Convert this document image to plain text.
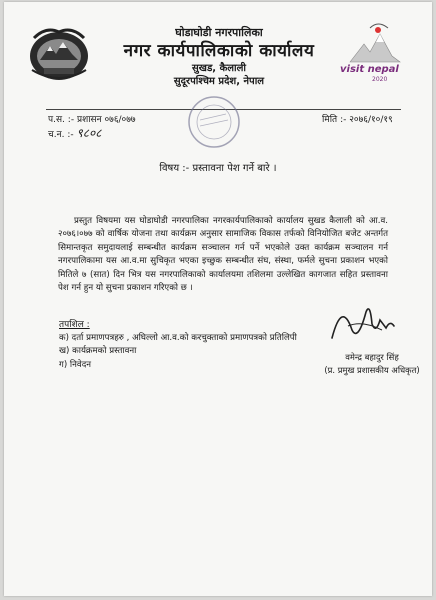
घोडाघोडी नगरपालिका
नगर कार्यपालिकाको कार्यालय
सुखड, कैलाली
सुदूरपश्चिम प्रदेश, नेपाल
visit nepal
2020
प.स. :- प्रशासन ०७६/०७७
च.न. :- ९८०८
मिति :- २०७६/१०/१९
विषय :- प्रस्तावना पेश गर्ने बारे ।

प्रस्तुत विषयमा यस घोडाघोडी नगरपालिका नगरकार्यपालिकाको कार्यालय सुखड कैलाली को आ.व. २०७६।०७७ को वार्षिक योजना तथा कार्यक्रम अनुसार सामाजिक विकास तर्फको विनियोजित बजेट अन्तर्गत सिमान्तकृत समुदायलाई सम्बन्धीत कार्यक्रम सञ्चालन गर्न पर्ने भएकोले उक्त कार्यक्रम सञ्चालन गर्न नगरपालिकामा यस आ.व.मा सुचिकृत भएका इच्छुक सम्बन्धीत संघ, संस्था, फर्मले सुचना प्रकाशन भएको मितिले ७ (सात) दिन भित्र यस नगरपालिकाको कार्यालयमा तशिलमा उल्लेखित कागजात सहित प्रस्तावना पेश गर्न हुन यो सुचना प्रकाशन गरिएको छ ।

तपशिल :
क) दर्ता प्रमाणपत्रहरु , अघिल्लो आ.व.को करचुक्ताको प्रमाणपत्रको प्रतिलिपी
ख) कार्यक्रमको प्रस्तावना
ग) निवेदन
वमेन्द्र बहादुर सिंह
(प्र. प्रमुख प्रशासकीय अधिकृत)
